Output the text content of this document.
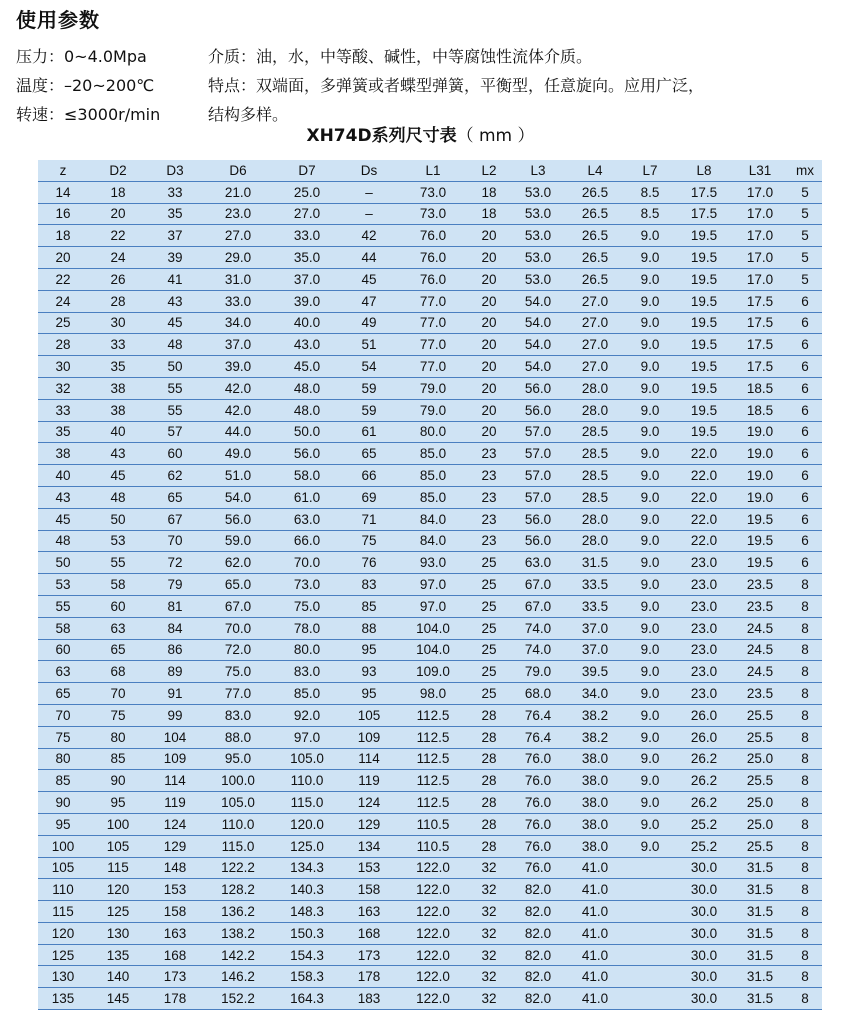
使用参数
压力：0~4.0Mpa	介质：油，水，中等酸、碱性，中等腐蚀性流体介质。
温度：–20~200℃	特点：双端面，多弹簧或者蝶型弹簧，平衡型，任意旋向。应用广泛，
转速：≤3000r/min	结构多样。
XH74D系列尺寸表（ mm ）
z	D2	D3	D6	D7	Ds	L1	L2	L3	L4	L7	L8	L31	mx
14	18	33	21.0	25.0	–	73.0	18	53.0	26.5	8.5	17.5	17.0	5
16	20	35	23.0	27.0	–	73.0	18	53.0	26.5	8.5	17.5	17.0	5
18	22	37	27.0	33.0	42	76.0	20	53.0	26.5	9.0	19.5	17.0	5
20	24	39	29.0	35.0	44	76.0	20	53.0	26.5	9.0	19.5	17.0	5
22	26	41	31.0	37.0	45	76.0	20	53.0	26.5	9.0	19.5	17.0	5
24	28	43	33.0	39.0	47	77.0	20	54.0	27.0	9.0	19.5	17.5	6
25	30	45	34.0	40.0	49	77.0	20	54.0	27.0	9.0	19.5	17.5	6
28	33	48	37.0	43.0	51	77.0	20	54.0	27.0	9.0	19.5	17.5	6
30	35	50	39.0	45.0	54	77.0	20	54.0	27.0	9.0	19.5	17.5	6
32	38	55	42.0	48.0	59	79.0	20	56.0	28.0	9.0	19.5	18.5	6
33	38	55	42.0	48.0	59	79.0	20	56.0	28.0	9.0	19.5	18.5	6
35	40	57	44.0	50.0	61	80.0	20	57.0	28.5	9.0	19.5	19.0	6
38	43	60	49.0	56.0	65	85.0	23	57.0	28.5	9.0	22.0	19.0	6
40	45	62	51.0	58.0	66	85.0	23	57.0	28.5	9.0	22.0	19.0	6
43	48	65	54.0	61.0	69	85.0	23	57.0	28.5	9.0	22.0	19.0	6
45	50	67	56.0	63.0	71	84.0	23	56.0	28.0	9.0	22.0	19.5	6
48	53	70	59.0	66.0	75	84.0	23	56.0	28.0	9.0	22.0	19.5	6
50	55	72	62.0	70.0	76	93.0	25	63.0	31.5	9.0	23.0	19.5	6
53	58	79	65.0	73.0	83	97.0	25	67.0	33.5	9.0	23.0	23.5	8
55	60	81	67.0	75.0	85	97.0	25	67.0	33.5	9.0	23.0	23.5	8
58	63	84	70.0	78.0	88	104.0	25	74.0	37.0	9.0	23.0	24.5	8
60	65	86	72.0	80.0	95	104.0	25	74.0	37.0	9.0	23.0	24.5	8
63	68	89	75.0	83.0	93	109.0	25	79.0	39.5	9.0	23.0	24.5	8
65	70	91	77.0	85.0	95	98.0	25	68.0	34.0	9.0	23.0	23.5	8
70	75	99	83.0	92.0	105	112.5	28	76.4	38.2	9.0	26.0	25.5	8
75	80	104	88.0	97.0	109	112.5	28	76.4	38.2	9.0	26.0	25.5	8
80	85	109	95.0	105.0	114	112.5	28	76.0	38.0	9.0	26.2	25.0	8
85	90	114	100.0	110.0	119	112.5	28	76.0	38.0	9.0	26.2	25.5	8
90	95	119	105.0	115.0	124	112.5	28	76.0	38.0	9.0	26.2	25.0	8
95	100	124	110.0	120.0	129	110.5	28	76.0	38.0	9.0	25.2	25.0	8
100	105	129	115.0	125.0	134	110.5	28	76.0	38.0	9.0	25.2	25.5	8
105	115	148	122.2	134.3	153	122.0	32	76.0	41.0		30.0	31.5	8
110	120	153	128.2	140.3	158	122.0	32	82.0	41.0		30.0	31.5	8
115	125	158	136.2	148.3	163	122.0	32	82.0	41.0		30.0	31.5	8
120	130	163	138.2	150.3	168	122.0	32	82.0	41.0		30.0	31.5	8
125	135	168	142.2	154.3	173	122.0	32	82.0	41.0		30.0	31.5	8
130	140	173	146.2	158.3	178	122.0	32	82.0	41.0		30.0	31.5	8
135	145	178	152.2	164.3	183	122.0	32	82.0	41.0		30.0	31.5	8
